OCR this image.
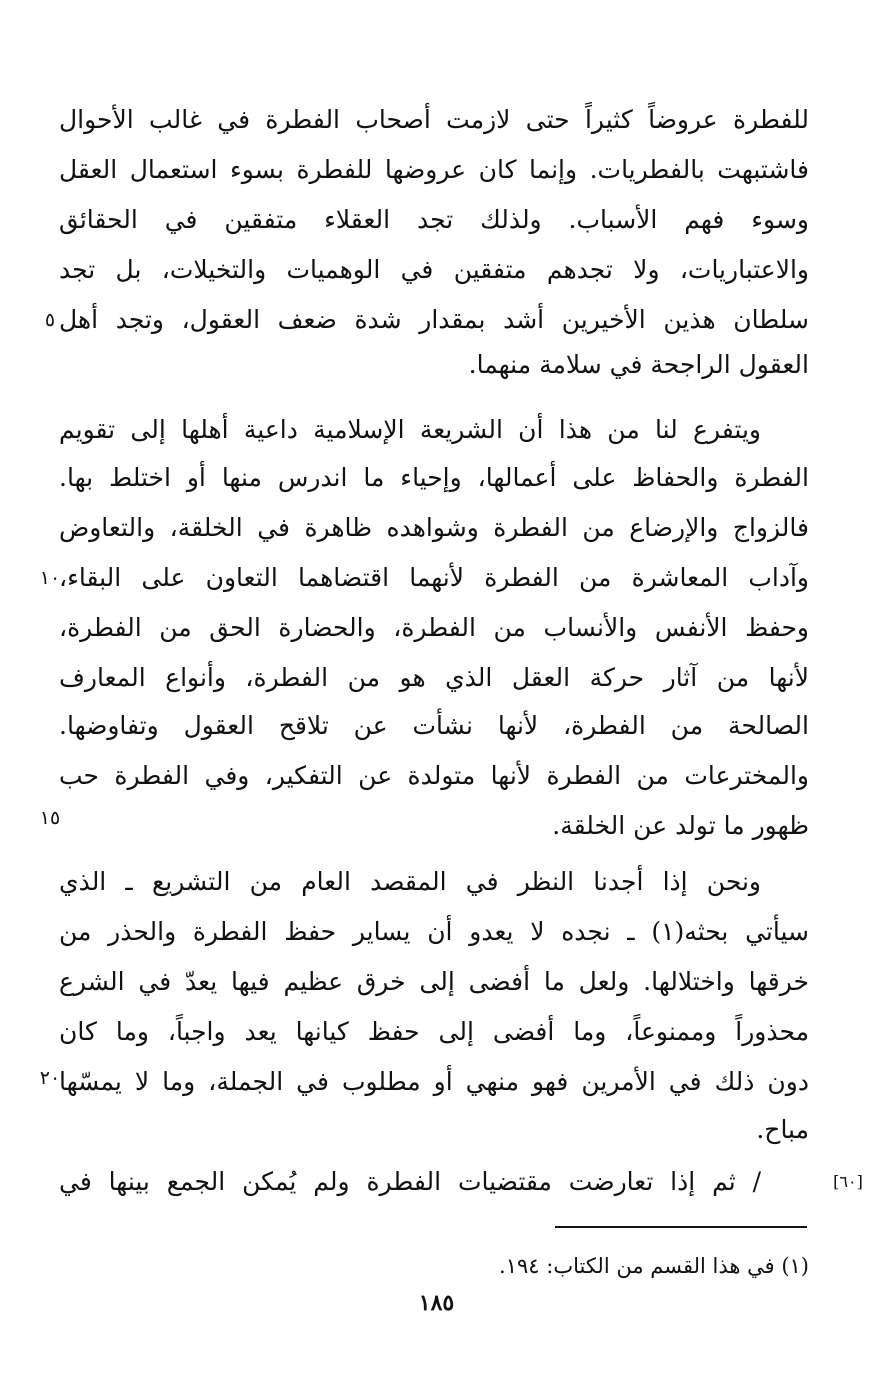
للفطرة عروضاً كثيراً حتى لازمت أصحاب الفطرة في غالب الأحوال
فاشتبهت بالفطريات. وإنما كان عروضها للفطرة بسوء استعمال العقل
وسوء فهم الأسباب. ولذلك تجد العقلاء متفقين في الحقائق
والاعتباريات، ولا تجدهم متفقين في الوهميات والتخيلات، بل تجد
سلطان هذين الأخيرين أشد بمقدار شدة ضعف العقول، وتجد أهل
العقول الراجحة في سلامة منهما.
ويتفرع لنا من هذا أن الشريعة الإسلامية داعية أهلها إلى تقويم
الفطرة والحفاظ على أعمالها، وإحياء ما اندرس منها أو اختلط بها.
فالزواج والإرضاع من الفطرة وشواهده ظاهرة في الخلقة، والتعاوض
وآداب المعاشرة من الفطرة لأنهما اقتضاهما التعاون على البقاء،
وحفظ الأنفس والأنساب من الفطرة، والحضارة الحق من الفطرة،
لأنها من آثار حركة العقل الذي هو من الفطرة، وأنواع المعارف
الصالحة من الفطرة، لأنها نشأت عن تلاقح العقول وتفاوضها.
والمخترعات من الفطرة لأنها متولدة عن التفكير، وفي الفطرة حب
ظهور ما تولد عن الخلقة.
ونحن إذا أجدنا النظر في المقصد العام من التشريع ـ الذي
سيأتي بحثه(١) ـ نجده لا يعدو أن يساير حفظ الفطرة والحذر من
خرقها واختلالها. ولعل ما أفضى إلى خرق عظيم فيها يعدّ في الشرع
محذوراً وممنوعاً، وما أفضى إلى حفظ كيانها يعد واجباً، وما كان
دون ذلك في الأمرين فهو منهي أو مطلوب في الجملة، وما لا يمسّها
مباح.
/ ثم إذا تعارضت مقتضيات الفطرة ولم يُمكن الجمع بينها في
٥
١٠
١٥
٢٠
[٦٠]
(١) في هذا القسم من الكتاب: ١٩٤.
١٨٥
